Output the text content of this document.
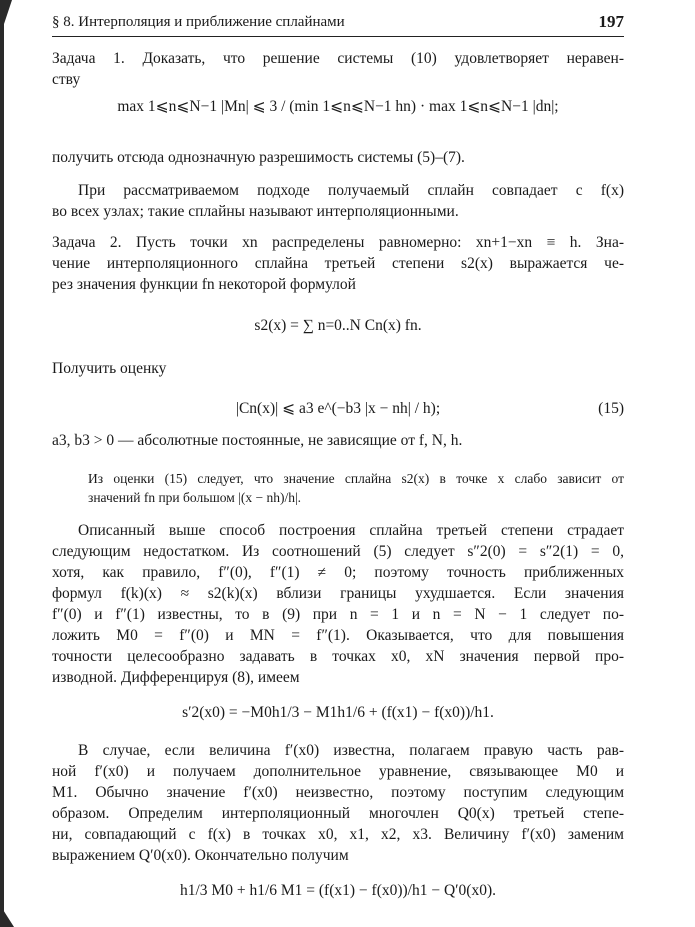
§ 8. Интерполяция и приближение сплайнами	197
Задача 1. Доказать, что решение системы (10) удовлетворяет неравен-
ству
max 1⩽n⩽N−1 |Mn| ⩽ 3 / (min 1⩽n⩽N−1 hn) · max 1⩽n⩽N−1 |dn|;
получить отсюда однозначную разрешимость системы (5)–(7).
При рассматриваемом подходе получаемый сплайн совпадает с f(x)
во всех узлах; такие сплайны называют интерполяционными.
Задача 2. Пусть точки xn распределены равномерно: xn+1−xn ≡ h. Зна-
чение интерполяционного сплайна третьей степени s2(x) выражается че-
рез значения функции fn некоторой формулой
s2(x) = ∑ n=0..N Cn(x) fn.
Получить оценку
|Cn(x)| ⩽ a3 e^(−b3 |x − nh| / h);	(15)
a3, b3 > 0 — абсолютные постоянные, не зависящие от f, N, h.
Из оценки (15) следует, что значение сплайна s2(x) в точке x слабо зависит от
значений fn при большом |(x − nh)/h|.
Описанный выше способ построения сплайна третьей степени страдает
следующим недостатком. Из соотношений (5) следует s″2(0) = s″2(1) = 0,
хотя, как правило, f″(0), f″(1) ≠ 0; поэтому точность приближенных
формул f(k)(x) ≈ s2(k)(x) вблизи границы ухудшается. Если значения
f″(0) и f″(1) известны, то в (9) при n = 1 и n = N − 1 следует по-
ложить M0 = f″(0) и MN = f″(1). Оказывается, что для повышения
точности целесообразно задавать в точках x0, xN значения первой про-
изводной. Дифференцируя (8), имеем
s′2(x0) = −M0h1/3 − M1h1/6 + (f(x1) − f(x0))/h1.
В случае, если величина f′(x0) известна, полагаем правую часть рав-
ной f′(x0) и получаем дополнительное уравнение, связывающее M0 и
M1. Обычно значение f′(x0) неизвестно, поэтому поступим следующим
образом. Определим интерполяционный многочлен Q0(x) третьей степе-
ни, совпадающий с f(x) в точках x0, x1, x2, x3. Величину f′(x0) заменим
выражением Q′0(x0). Окончательно получим
h1/3 M0 + h1/6 M1 = (f(x1) − f(x0))/h1 − Q′0(x0).
